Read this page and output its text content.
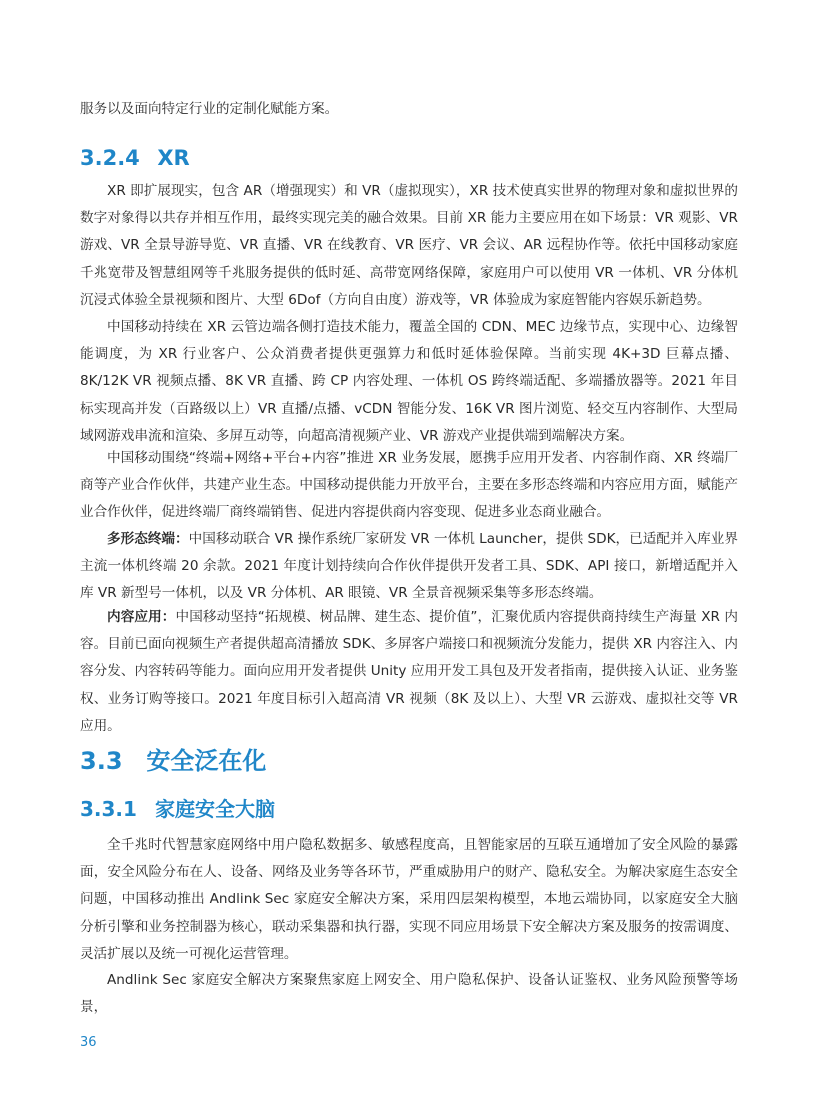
服务以及面向特定行业的定制化赋能方案。

3.2.4 XR

XR 即扩展现实，包含 AR（增强现实）和 VR（虚拟现实），XR 技术使真实世界的物理对象和虚拟世界的数字对象得以共存并相互作用，最终实现完美的融合效果。目前 XR 能力主要应用在如下场景：VR 观影、VR 游戏、VR 全景导游导览、VR 直播、VR 在线教育、VR 医疗、VR 会议、AR 远程协作等。依托中国移动家庭千兆宽带及智慧组网等千兆服务提供的低时延、高带宽网络保障，家庭用户可以使用 VR 一体机、VR 分体机沉浸式体验全景视频和图片、大型 6Dof（方向自由度）游戏等，VR 体验成为家庭智能内容娱乐新趋势。

中国移动持续在 XR 云管边端各侧打造技术能力，覆盖全国的 CDN、MEC 边缘节点，实现中心、边缘智能调度，为 XR 行业客户、公众消费者提供更强算力和低时延体验保障。当前实现 4K+3D 巨幕点播、8K/12K VR 视频点播、8K VR 直播、跨 CP 内容处理、一体机 OS 跨终端适配、多端播放器等。2021 年目标实现高并发（百路级以上）VR 直播/点播、vCDN 智能分发、16K VR 图片浏览、轻交互内容制作、大型局域网游戏串流和渲染、多屏互动等，向超高清视频产业、VR 游戏产业提供端到端解决方案。

中国移动围绕“终端+网络+平台+内容”推进 XR 业务发展，愿携手应用开发者、内容制作商、XR 终端厂商等产业合作伙伴，共建产业生态。中国移动提供能力开放平台，主要在多形态终端和内容应用方面，赋能产业合作伙伴，促进终端厂商终端销售、促进内容提供商内容变现、促进多业态商业融合。

多形态终端：中国移动联合 VR 操作系统厂家研发 VR 一体机 Launcher，提供 SDK，已适配并入库业界主流一体机终端 20 余款。2021 年度计划持续向合作伙伴提供开发者工具、SDK、API 接口，新增适配并入库 VR 新型号一体机，以及 VR 分体机、AR 眼镜、VR 全景音视频采集等多形态终端。

内容应用：中国移动坚持“拓规模、树品牌、建生态、提价值”，汇聚优质内容提供商持续生产海量 XR 内容。目前已面向视频生产者提供超高清播放 SDK、多屏客户端接口和视频流分发能力，提供 XR 内容注入、内容分发、内容转码等能力。面向应用开发者提供 Unity 应用开发工具包及开发者指南，提供接入认证、业务鉴权、业务订购等接口。2021 年度目标引入超高清 VR 视频（8K 及以上）、大型 VR 云游戏、虚拟社交等 VR 应用。

3.3 安全泛在化
3.3.1 家庭安全大脑

全千兆时代智慧家庭网络中用户隐私数据多、敏感程度高，且智能家居的互联互通增加了安全风险的暴露面，安全风险分布在人、设备、网络及业务等各环节，严重威胁用户的财产、隐私安全。为解决家庭生态安全问题，中国移动推出 Andlink Sec 家庭安全解决方案，采用四层架构模型，本地云端协同，以家庭安全大脑分析引擎和业务控制器为核心，联动采集器和执行器，实现不同应用场景下安全解决方案及服务的按需调度、灵活扩展以及统一可视化运营管理。

Andlink Sec 家庭安全解决方案聚焦家庭上网安全、用户隐私保护、设备认证鉴权、业务风险预警等场景，

36
